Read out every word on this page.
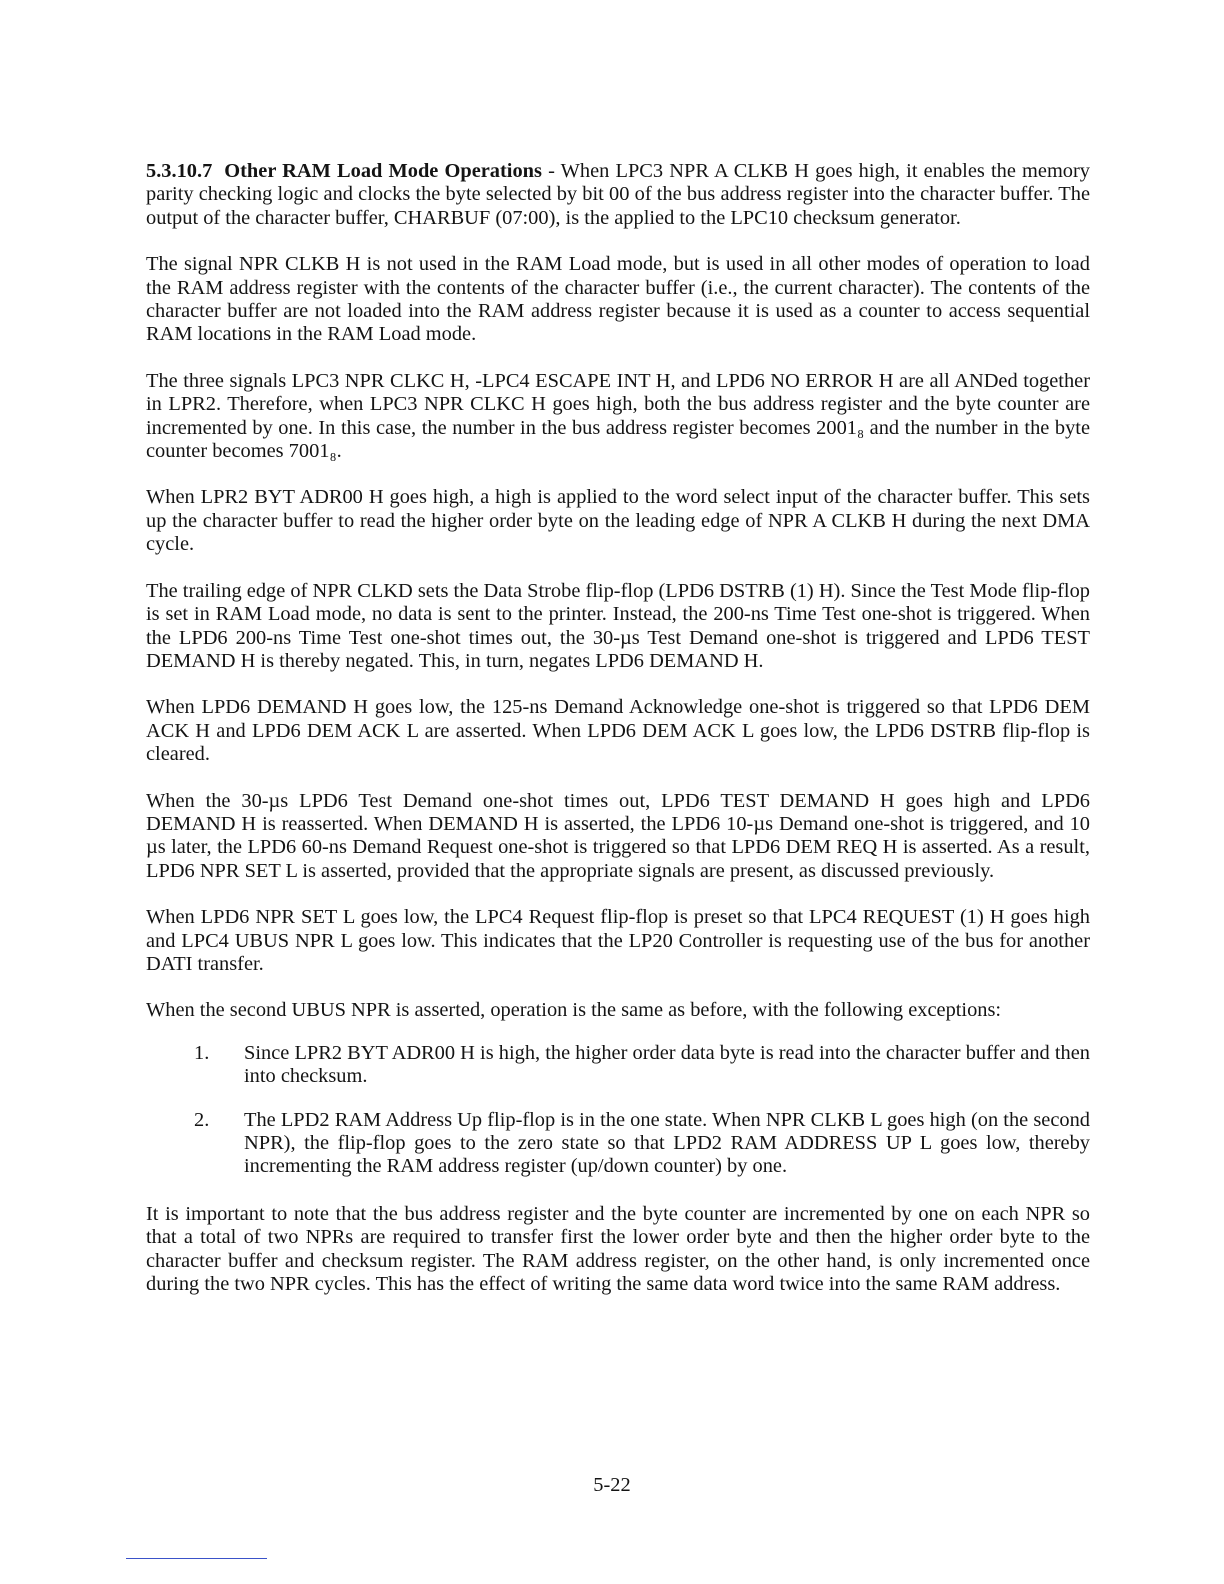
5.3.10.7 Other RAM Load Mode Operations - When LPC3 NPR A CLKB H goes high, it enables the memory parity checking logic and clocks the byte selected by bit 00 of the bus address register into the character buffer. The output of the character buffer, CHARBUF (07:00), is the applied to the LPC10 checksum generator.

The signal NPR CLKB H is not used in the RAM Load mode, but is used in all other modes of operation to load the RAM address register with the contents of the character buffer (i.e., the current character). The contents of the character buffer are not loaded into the RAM address register because it is used as a counter to access sequential RAM locations in the RAM Load mode.

The three signals LPC3 NPR CLKC H, -LPC4 ESCAPE INT H, and LPD6 NO ERROR H are all ANDed together in LPR2. Therefore, when LPC3 NPR CLKC H goes high, both the bus address register and the byte counter are incremented by one. In this case, the number in the bus address register becomes 2001₈ and the number in the byte counter becomes 7001₈.

When LPR2 BYT ADR00 H goes high, a high is applied to the word select input of the character buffer. This sets up the character buffer to read the higher order byte on the leading edge of NPR A CLKB H during the next DMA cycle.

The trailing edge of NPR CLKD sets the Data Strobe flip-flop (LPD6 DSTRB (1) H). Since the Test Mode flip-flop is set in RAM Load mode, no data is sent to the printer. Instead, the 200-ns Time Test one-shot is triggered. When the LPD6 200-ns Time Test one-shot times out, the 30-µs Test Demand one-shot is triggered and LPD6 TEST DEMAND H is thereby negated. This, in turn, negates LPD6 DEMAND H.

When LPD6 DEMAND H goes low, the 125-ns Demand Acknowledge one-shot is triggered so that LPD6 DEM ACK H and LPD6 DEM ACK L are asserted. When LPD6 DEM ACK L goes low, the LPD6 DSTRB flip-flop is cleared.

When the 30-µs LPD6 Test Demand one-shot times out, LPD6 TEST DEMAND H goes high and LPD6 DEMAND H is reasserted. When DEMAND H is asserted, the LPD6 10-µs Demand one-shot is triggered, and 10 µs later, the LPD6 60-ns Demand Request one-shot is triggered so that LPD6 DEM REQ H is asserted. As a result, LPD6 NPR SET L is asserted, provided that the appropriate signals are present, as discussed previously.

When LPD6 NPR SET L goes low, the LPC4 Request flip-flop is preset so that LPC4 REQUEST (1) H goes high and LPC4 UBUS NPR L goes low. This indicates that the LP20 Controller is requesting use of the bus for another DATI transfer.

When the second UBUS NPR is asserted, operation is the same as before, with the following exceptions:

1.	Since LPR2 BYT ADR00 H is high, the higher order data byte is read into the character buffer and then into checksum.
2.	The LPD2 RAM Address Up flip-flop is in the one state. When NPR CLKB L goes high (on the second NPR), the flip-flop goes to the zero state so that LPD2 RAM ADDRESS UP L goes low, thereby incrementing the RAM address register (up/down counter) by one.

It is important to note that the bus address register and the byte counter are incremented by one on each NPR so that a total of two NPRs are required to transfer first the lower order byte and then the higher order byte to the character buffer and checksum register. The RAM address register, on the other hand, is only incremented once during the two NPR cycles. This has the effect of writing the same data word twice into the same RAM address.

5-22
